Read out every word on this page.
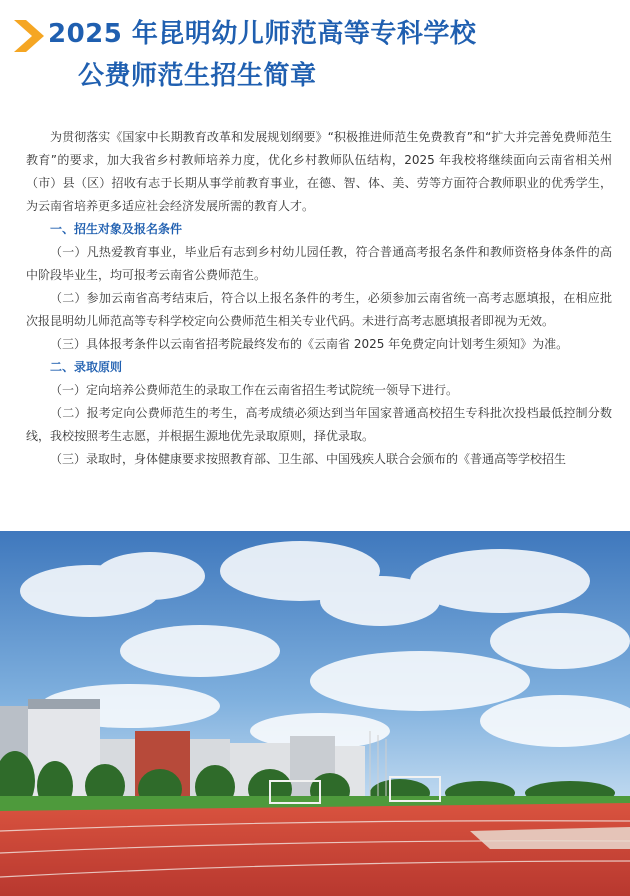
2025 年昆明幼儿师范高等专科学校
公费师范生招生简章

为贯彻落实《国家中长期教育改革和发展规划纲要》“积极推进师范生免费教育”和“扩大并完善免费师范生教育”的要求，加大我省乡村教师培养力度，优化乡村教师队伍结构，2025 年我校将继续面向云南省相关州（市）县（区）招收有志于长期从事学前教育事业，在德、智、体、美、劳等方面符合教师职业的优秀学生，为云南省培养更多适应社会经济发展所需的教育人才。

一、招生对象及报名条件

（一）凡热爱教育事业，毕业后有志到乡村幼儿园任教，符合普通高考报名条件和教师资格身体条件的高中阶段毕业生，均可报考云南省公费师范生。

（二）参加云南省高考结束后，符合以上报名条件的考生，必须参加云南省统一高考志愿填报，在相应批次报昆明幼儿师范高等专科学校定向公费师范生相关专业代码。未进行高考志愿填报者即视为无效。

（三）具体报考条件以云南省招考院最终发布的《云南省 2025 年免费定向计划考生须知》为准。

二、录取原则

（一）定向培养公费师范生的录取工作在云南省招生考试院统一领导下进行。

（二）报考定向公费师范生的考生，高考成绩必须达到当年国家普通高校招生专科批次投档最低控制分数线，我校按照考生志愿，并根据生源地优先录取原则，择优录取。

（三）录取时，身体健康要求按照教育部、卫生部、中国残疾人联合会颁布的《普通高等学校招生
